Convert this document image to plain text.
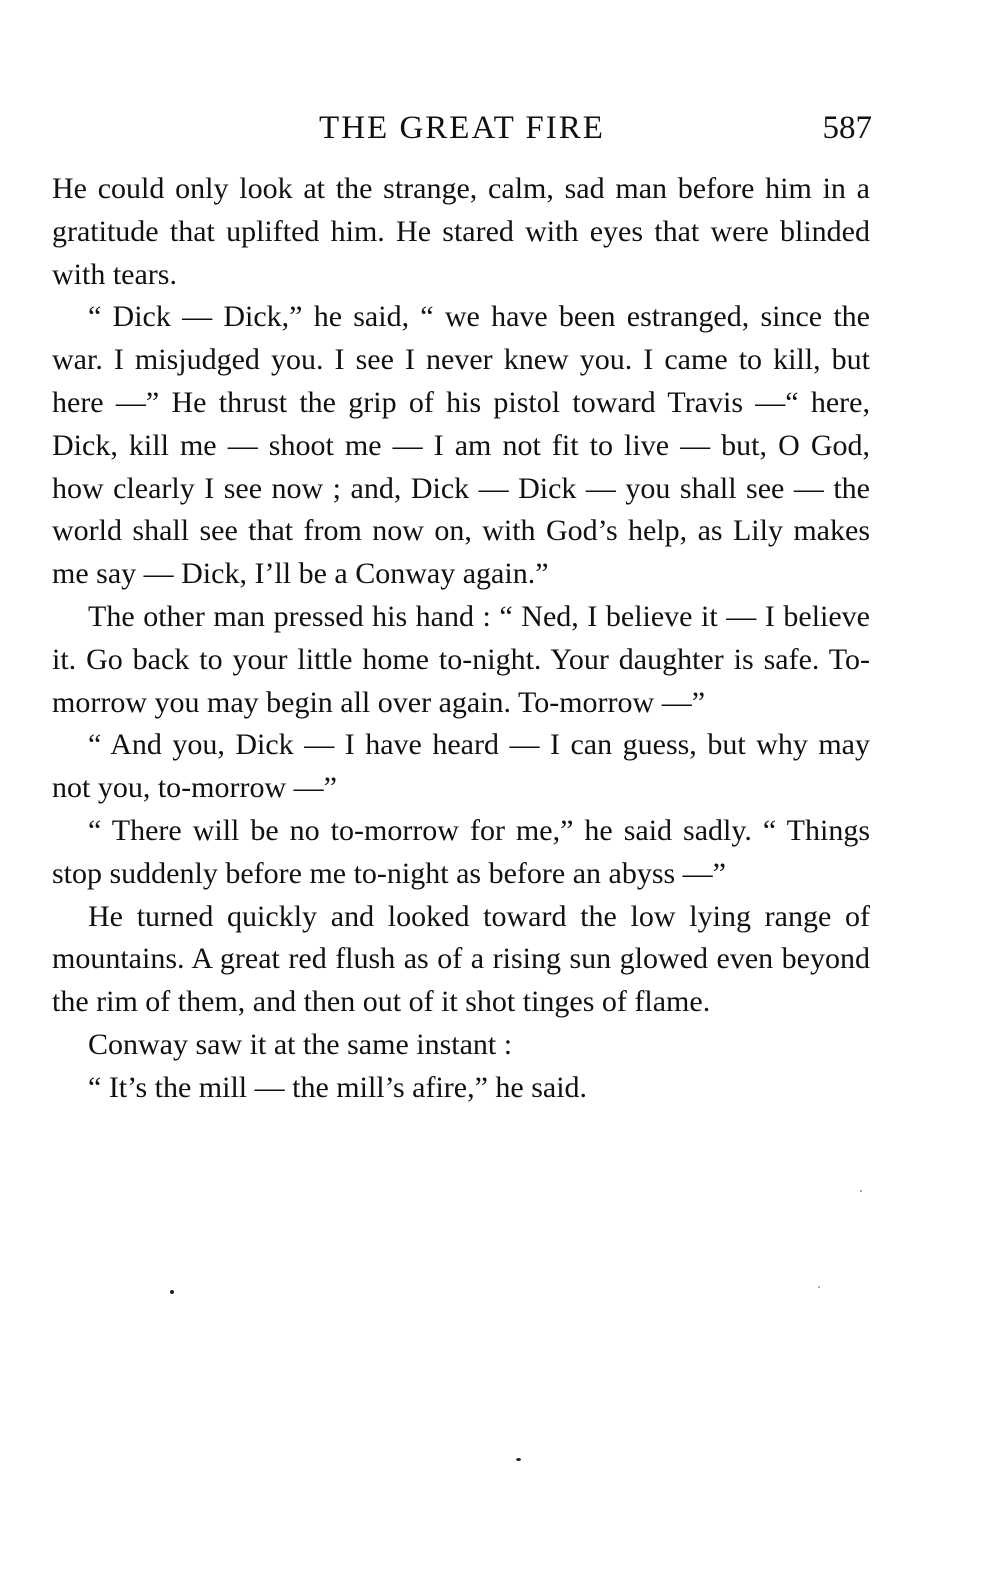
THE GREAT FIRE	587

He could only look at the strange, calm, sad man before him in a gratitude that uplifted him. He stared with eyes that were blinded with tears.

“ Dick — Dick,” he said, “ we have been estranged, since the war. I misjudged you. I see I never knew you. I came to kill, but here —” He thrust the grip of his pistol toward Travis —“ here, Dick, kill me — shoot me — I am not fit to live — but, O God, how clearly I see now ; and, Dick — Dick — you shall see — the world shall see that from now on, with God’s help, as Lily makes me say — Dick, I’ll be a Conway again.”

The other man pressed his hand : “ Ned, I believe it — I believe it. Go back to your little home to-night. Your daughter is safe. To-morrow you may begin all over again. To-morrow —”

“ And you, Dick — I have heard — I can guess, but why may not you, to-morrow —”

“ There will be no to-morrow for me,” he said sadly. “ Things stop suddenly before me to-night as before an abyss —”

He turned quickly and looked toward the low lying range of mountains. A great red flush as of a rising sun glowed even beyond the rim of them, and then out of it shot tinges of flame.

Conway saw it at the same instant :

“ It’s the mill — the mill’s afire,” he said.
